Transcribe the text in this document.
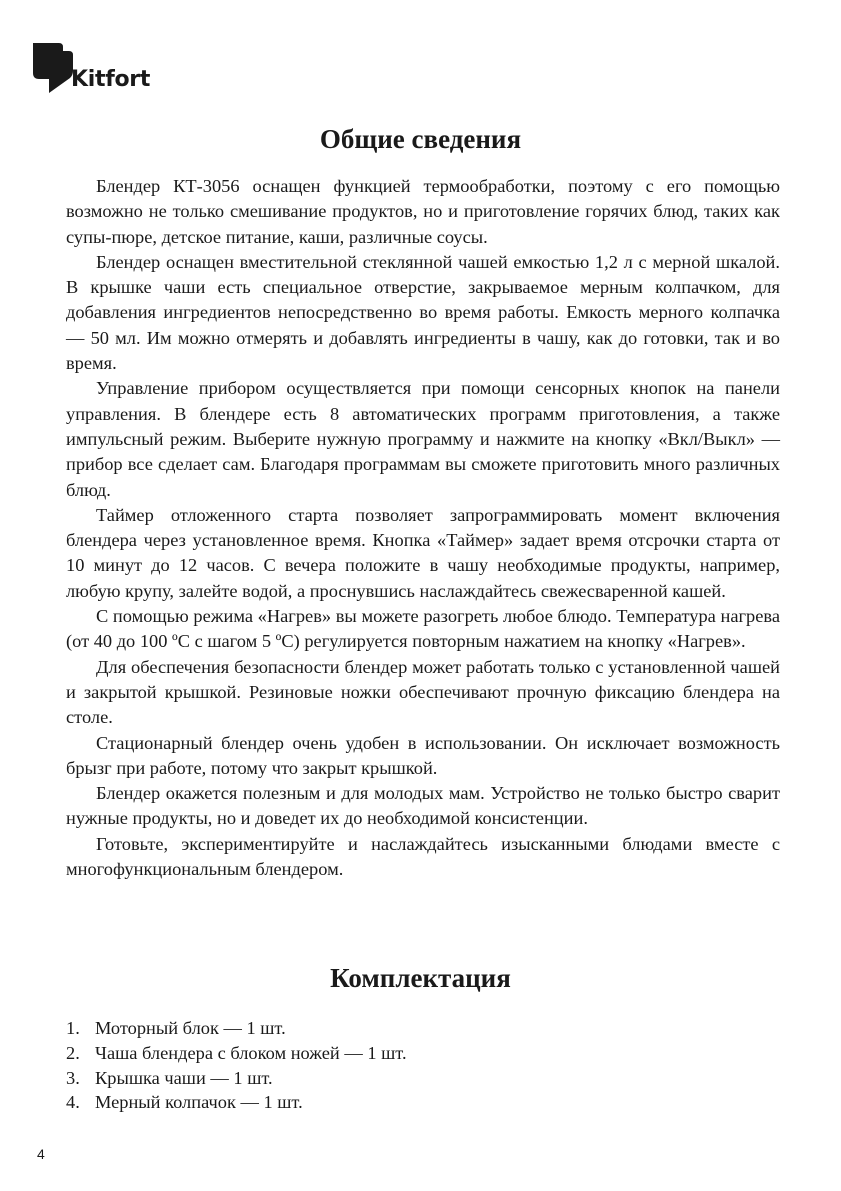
Kitfort
Общие сведения

Блендер КТ-3056 оснащен функцией термообработки, поэтому с его помощью возможно не только смешивание продуктов, но и приготовление горячих блюд, таких как супы-пюре, детское питание, каши, различные соусы.

Блендер оснащен вместительной стеклянной чашей емкостью 1,2 л с мерной шкалой. В крышке чаши есть специальное отверстие, закрываемое мерным колпачком, для добавления ингредиентов непосредственно во время работы. Емкость мерного колпачка — 50 мл. Им можно отмерять и добавлять ингредиенты в чашу, как до готовки, так и во время.

Управление прибором осуществляется при помощи сенсорных кнопок на панели управления. В блендере есть 8 автоматических программ приготовления, а также импульсный режим. Выберите нужную программу и нажмите на кнопку «Вкл/Выкл» — прибор все сделает сам. Благодаря программам вы сможете приготовить много различных блюд.

Таймер отложенного старта позволяет запрограммировать момент включения блендера через установленное время. Кнопка «Таймер» задает время отсрочки старта от 10 минут до 12 часов. С вечера положите в чашу необходимые продукты, например, любую крупу, залейте водой, а проснувшись наслаждайтесь свежесваренной кашей.

С помощью режима «Нагрев» вы можете разогреть любое блюдо. Температура нагрева (от 40 до 100 ºС с шагом 5 ºС) регулируется повторным нажатием на кнопку «Нагрев».

Для обеспечения безопасности блендер может работать только с установленной чашей и закрытой крышкой. Резиновые ножки обеспечивают прочную фиксацию блендера на столе.

Стационарный блендер очень удобен в использовании. Он исключает возможность брызг при работе, потому что закрыт крышкой.

Блендер окажется полезным и для молодых мам. Устройство не только быстро сварит нужные продукты, но и доведет их до необходимой консистенции.

Готовьте, экспериментируйте и наслаждайтесь изысканными блюдами вместе с многофункциональным блендером.

Комплектация
1. Моторный блок — 1 шт.
2. Чаша блендера с блоком ножей — 1 шт.
3. Крышка чаши — 1 шт.
4. Мерный колпачок — 1 шт.
4
